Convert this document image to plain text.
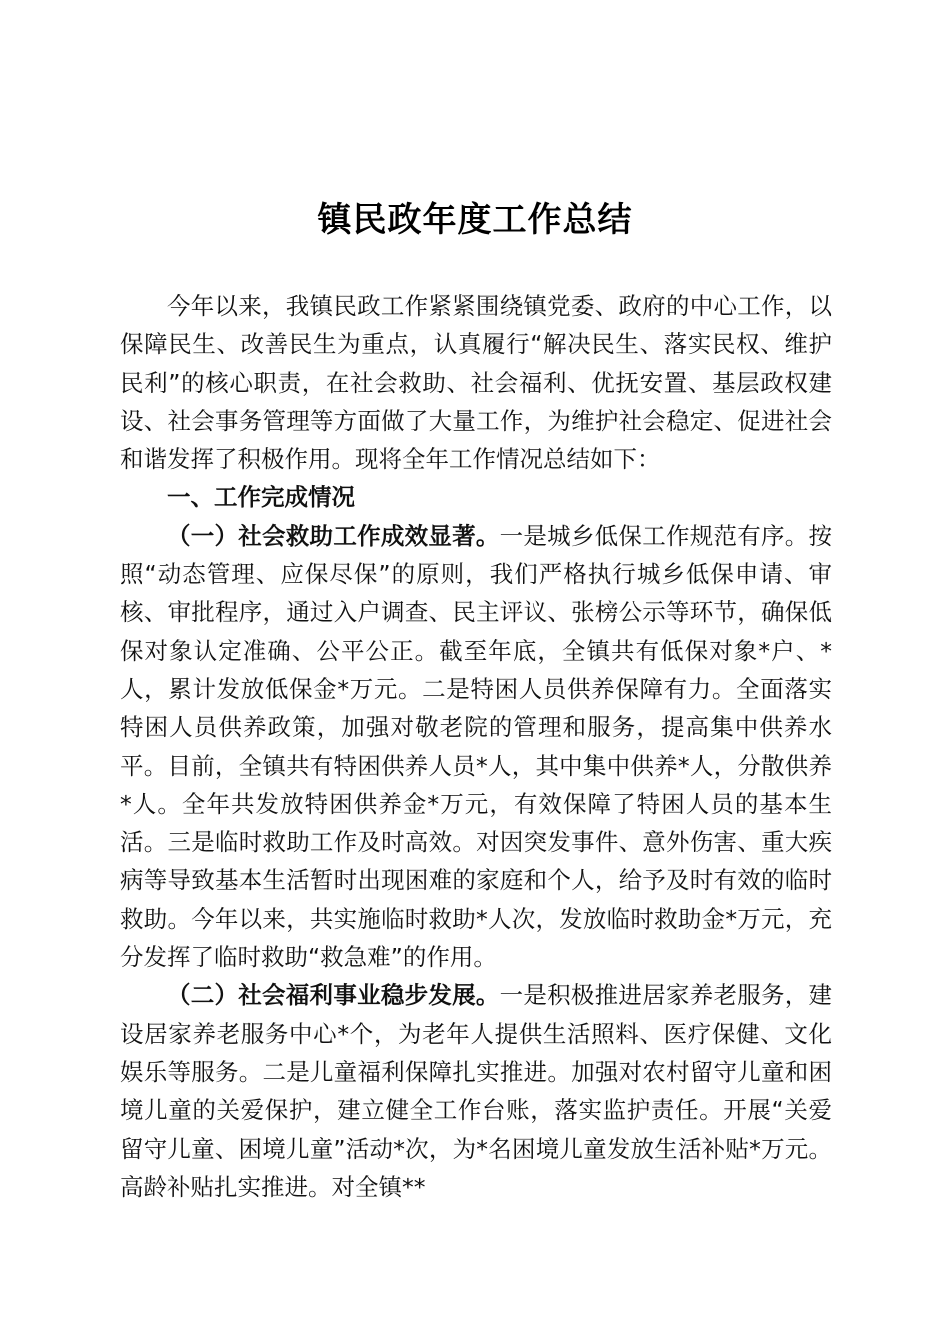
镇民政年度工作总结

今年以来，我镇民政工作紧紧围绕镇党委、政府的中心工作，以保障民生、改善民生为重点，认真履行“解决民生、落实民权、维护民利”的核心职责，在社会救助、社会福利、优抚安置、基层政权建设、社会事务管理等方面做了大量工作，为维护社会稳定、促进社会和谐发挥了积极作用。现将全年工作情况总结如下：

一、工作完成情况

（一）社会救助工作成效显著。一是城乡低保工作规范有序。按照“动态管理、应保尽保”的原则，我们严格执行城乡低保申请、审核、审批程序，通过入户调查、民主评议、张榜公示等环节，确保低保对象认定准确、公平公正。截至年底，全镇共有低保对象*户、*人，累计发放低保金*万元。二是特困人员供养保障有力。全面落实特困人员供养政策，加强对敬老院的管理和服务，提高集中供养水平。目前，全镇共有特困供养人员*人，其中集中供养*人，分散供养*人。全年共发放特困供养金*万元，有效保障了特困人员的基本生活。三是临时救助工作及时高效。对因突发事件、意外伤害、重大疾病等导致基本生活暂时出现困难的家庭和个人，给予及时有效的临时救助。今年以来，共实施临时救助*人次，发放临时救助金*万元，充分发挥了临时救助“救急难”的作用。

（二）社会福利事业稳步发展。一是积极推进居家养老服务，建设居家养老服务中心*个，为老年人提供生活照料、医疗保健、文化娱乐等服务。二是儿童福利保障扎实推进。加强对农村留守儿童和困境儿童的关爱保护，建立健全工作台账，落实监护责任。开展“关爱留守儿童、困境儿童”活动*次，为*名困境儿童发放生活补贴*万元。高龄补贴扎实推进。对全镇**
